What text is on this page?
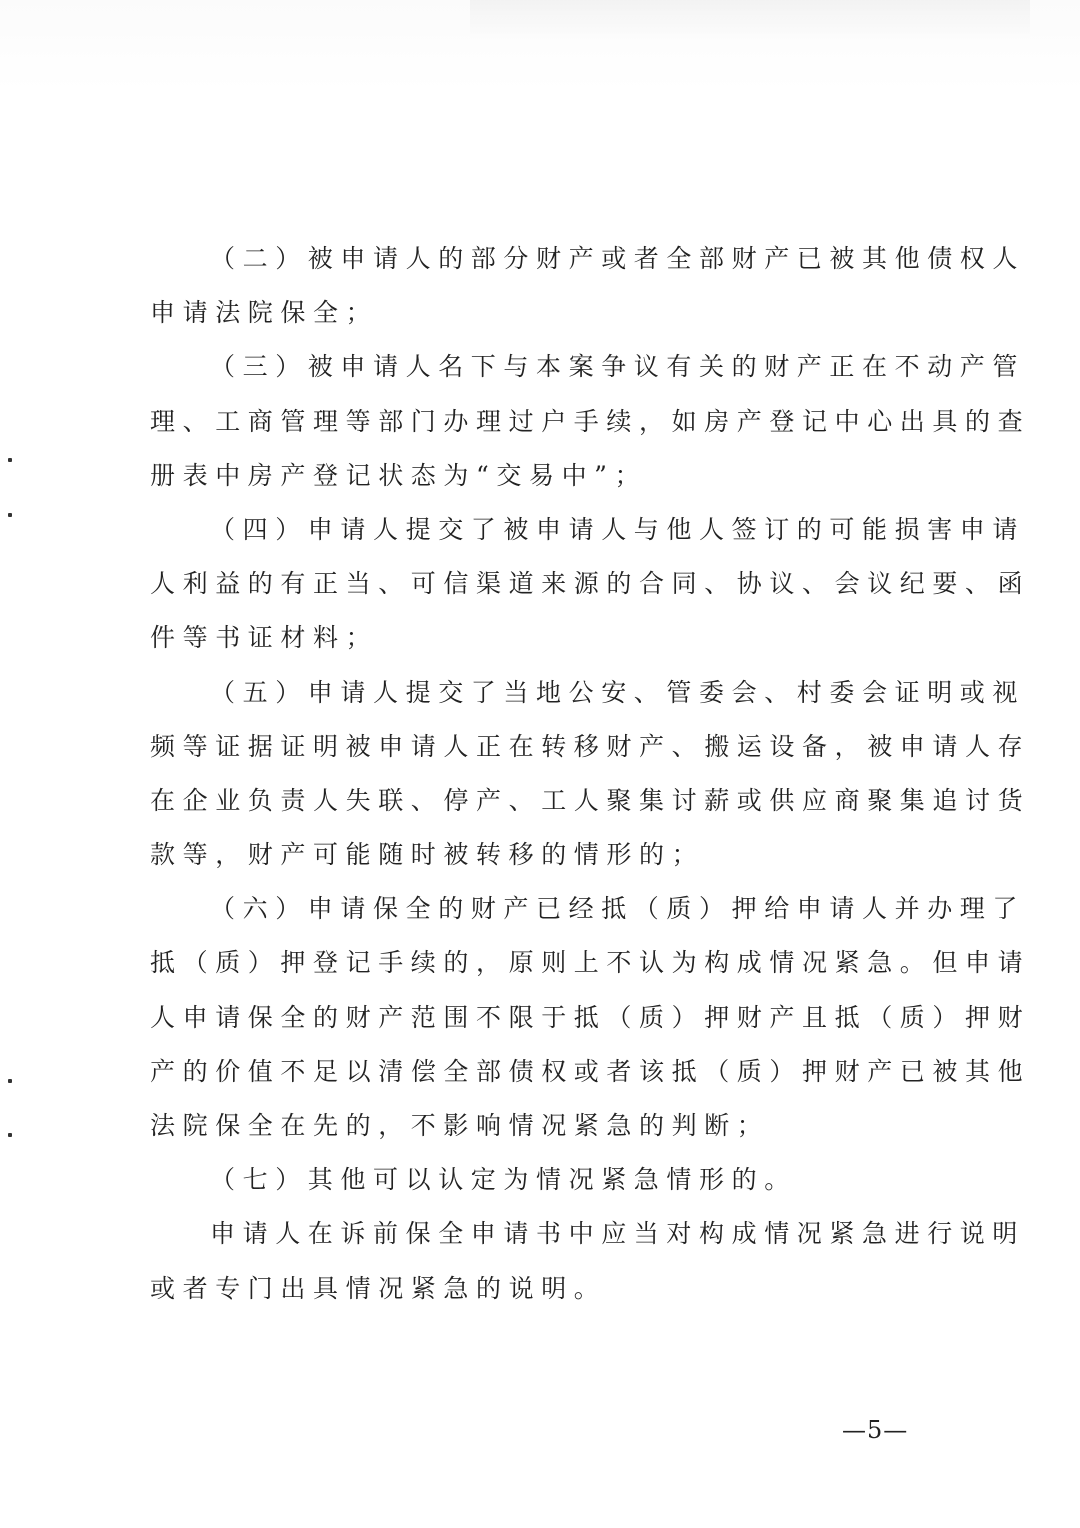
（二）被申请人的部分财产或者全部财产已被其他债权人
申请法院保全；
（三）被申请人名下与本案争议有关的财产正在不动产管
理、工商管理等部门办理过户手续，如房产登记中心出具的查
册表中房产登记状态为“交易中”；
（四）申请人提交了被申请人与他人签订的可能损害申请
人利益的有正当、可信渠道来源的合同、协议、会议纪要、函
件等书证材料；
（五）申请人提交了当地公安、管委会、村委会证明或视
频等证据证明被申请人正在转移财产、搬运设备，被申请人存
在企业负责人失联、停产、工人聚集讨薪或供应商聚集追讨货
款等，财产可能随时被转移的情形的；
（六）申请保全的财产已经抵（质）押给申请人并办理了
抵（质）押登记手续的，原则上不认为构成情况紧急。但申请
人申请保全的财产范围不限于抵（质）押财产且抵（质）押财
产的价值不足以清偿全部债权或者该抵（质）押财产已被其他
法院保全在先的，不影响情况紧急的判断；
（七）其他可以认定为情况紧急情形的。
申请人在诉前保全申请书中应当对构成情况紧急进行说明
或者专门出具情况紧急的说明。
—5—
